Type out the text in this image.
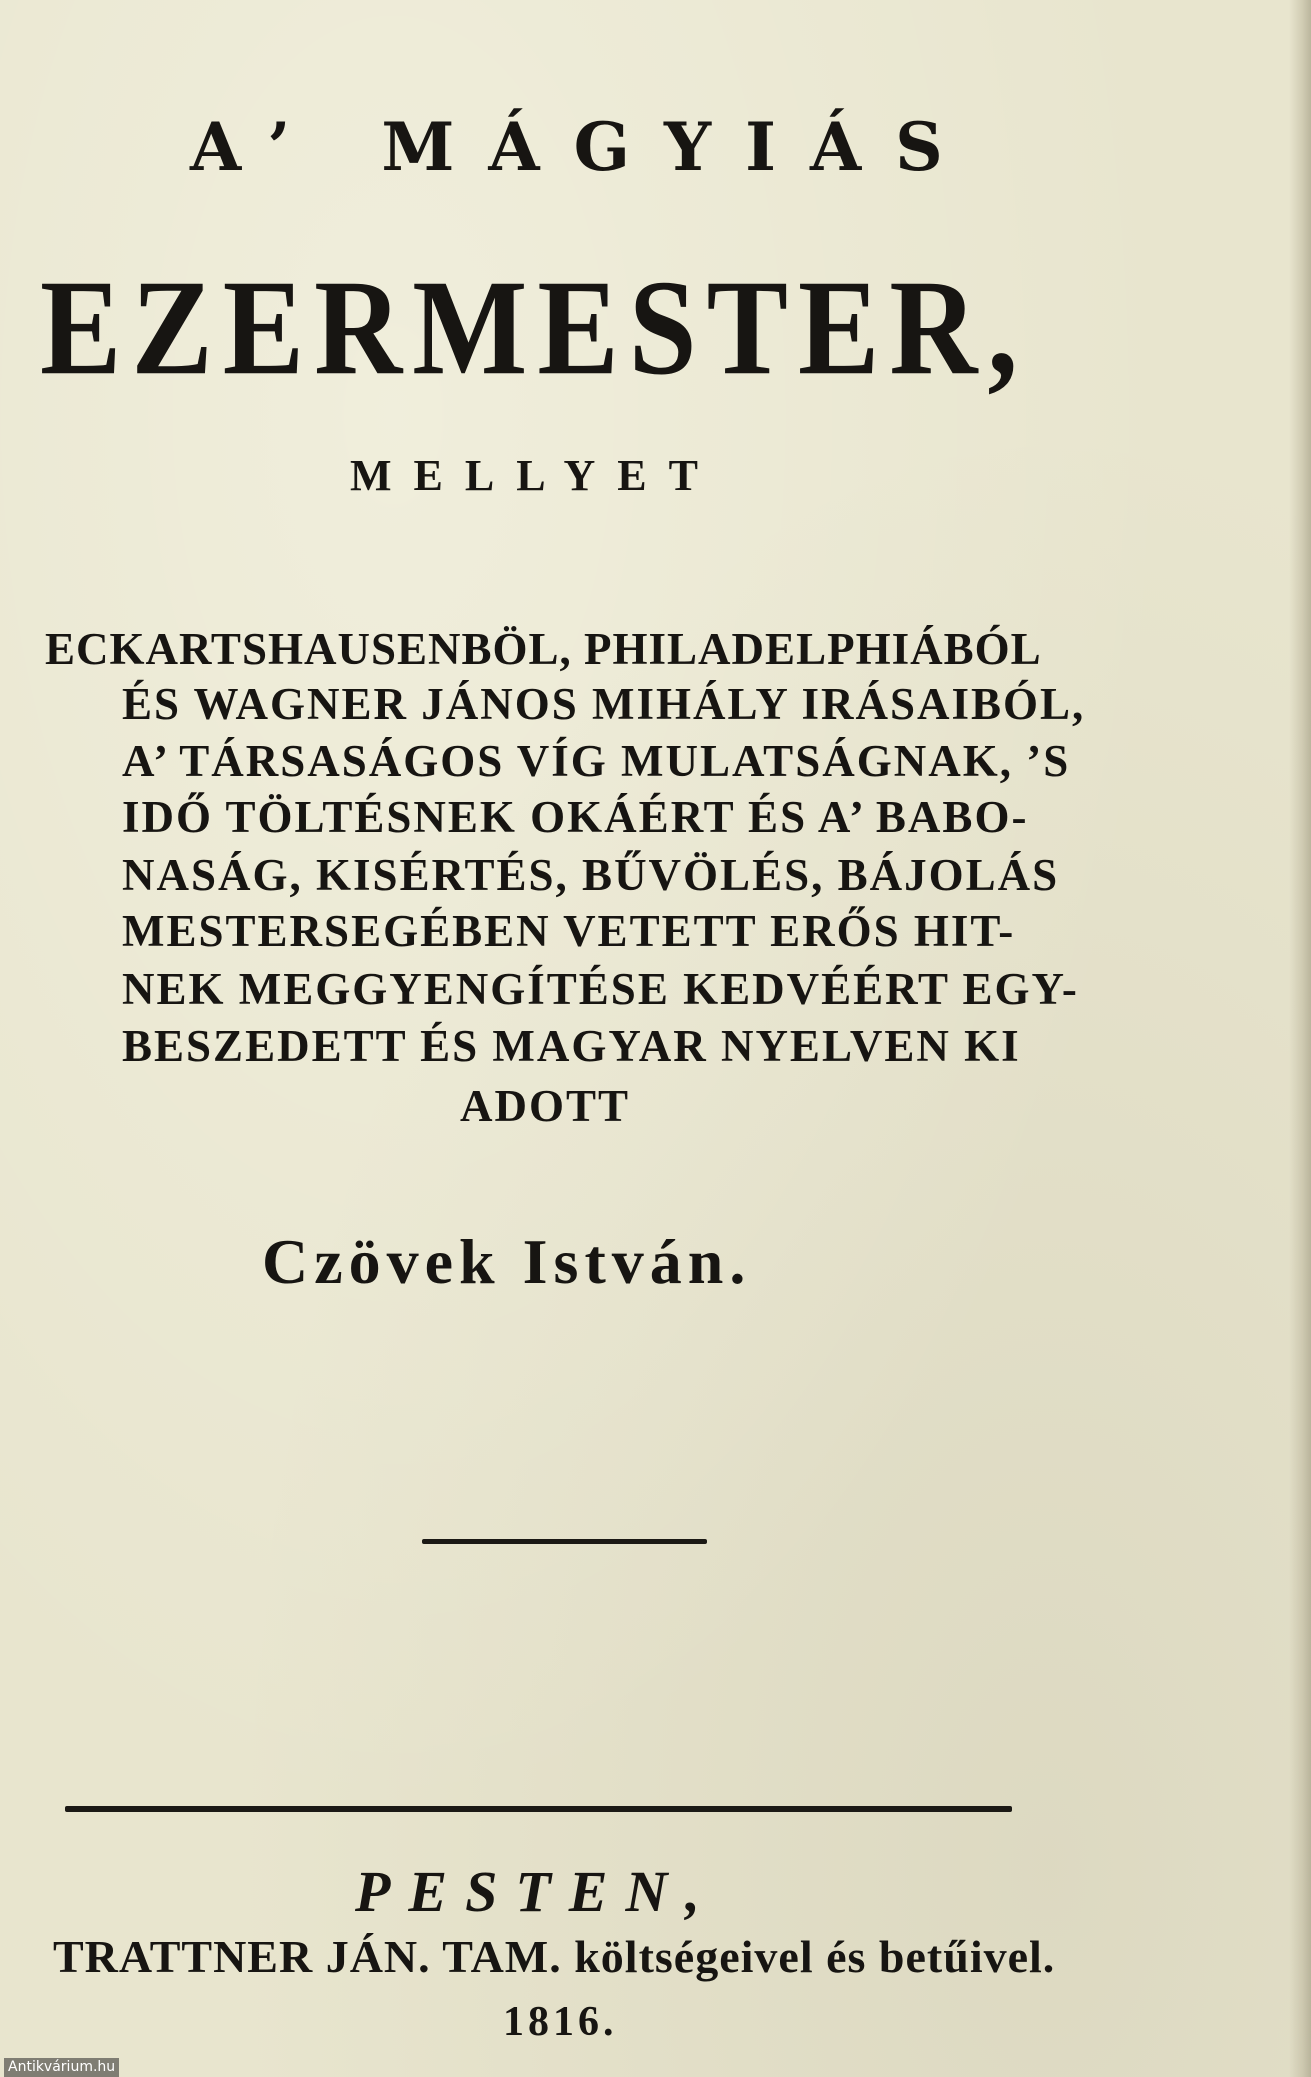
A’ MÁGYIÁS
EZERMESTER,
MELLYET
ECKARTSHAUSENBÖL, PHILADELPHIÁBÓL
ÉS WAGNER JÁNOS MIHÁLY IRÁSAIBÓL,
A’ TÁRSASÁGOS VÍG MULATSÁGNAK, ’S
IDŐ TÖLTÉSNEK OKÁÉRT ÉS A’ BABO-
NASÁG, KISÉRTÉS, BŰVÖLÉS, BÁJOLÁS
MESTERSEGÉBEN VETETT ERŐS HIT-
NEK MEGGYENGÍTÉSE KEDVÉÉRT EGY-
BESZEDETT ÉS MAGYAR NYELVEN KI
ADOTT
Czövek István.
PESTEN,
TRATTNER JÁN. TAM. költségeivel és betűivel.
1816.
Antikvárium.hu
